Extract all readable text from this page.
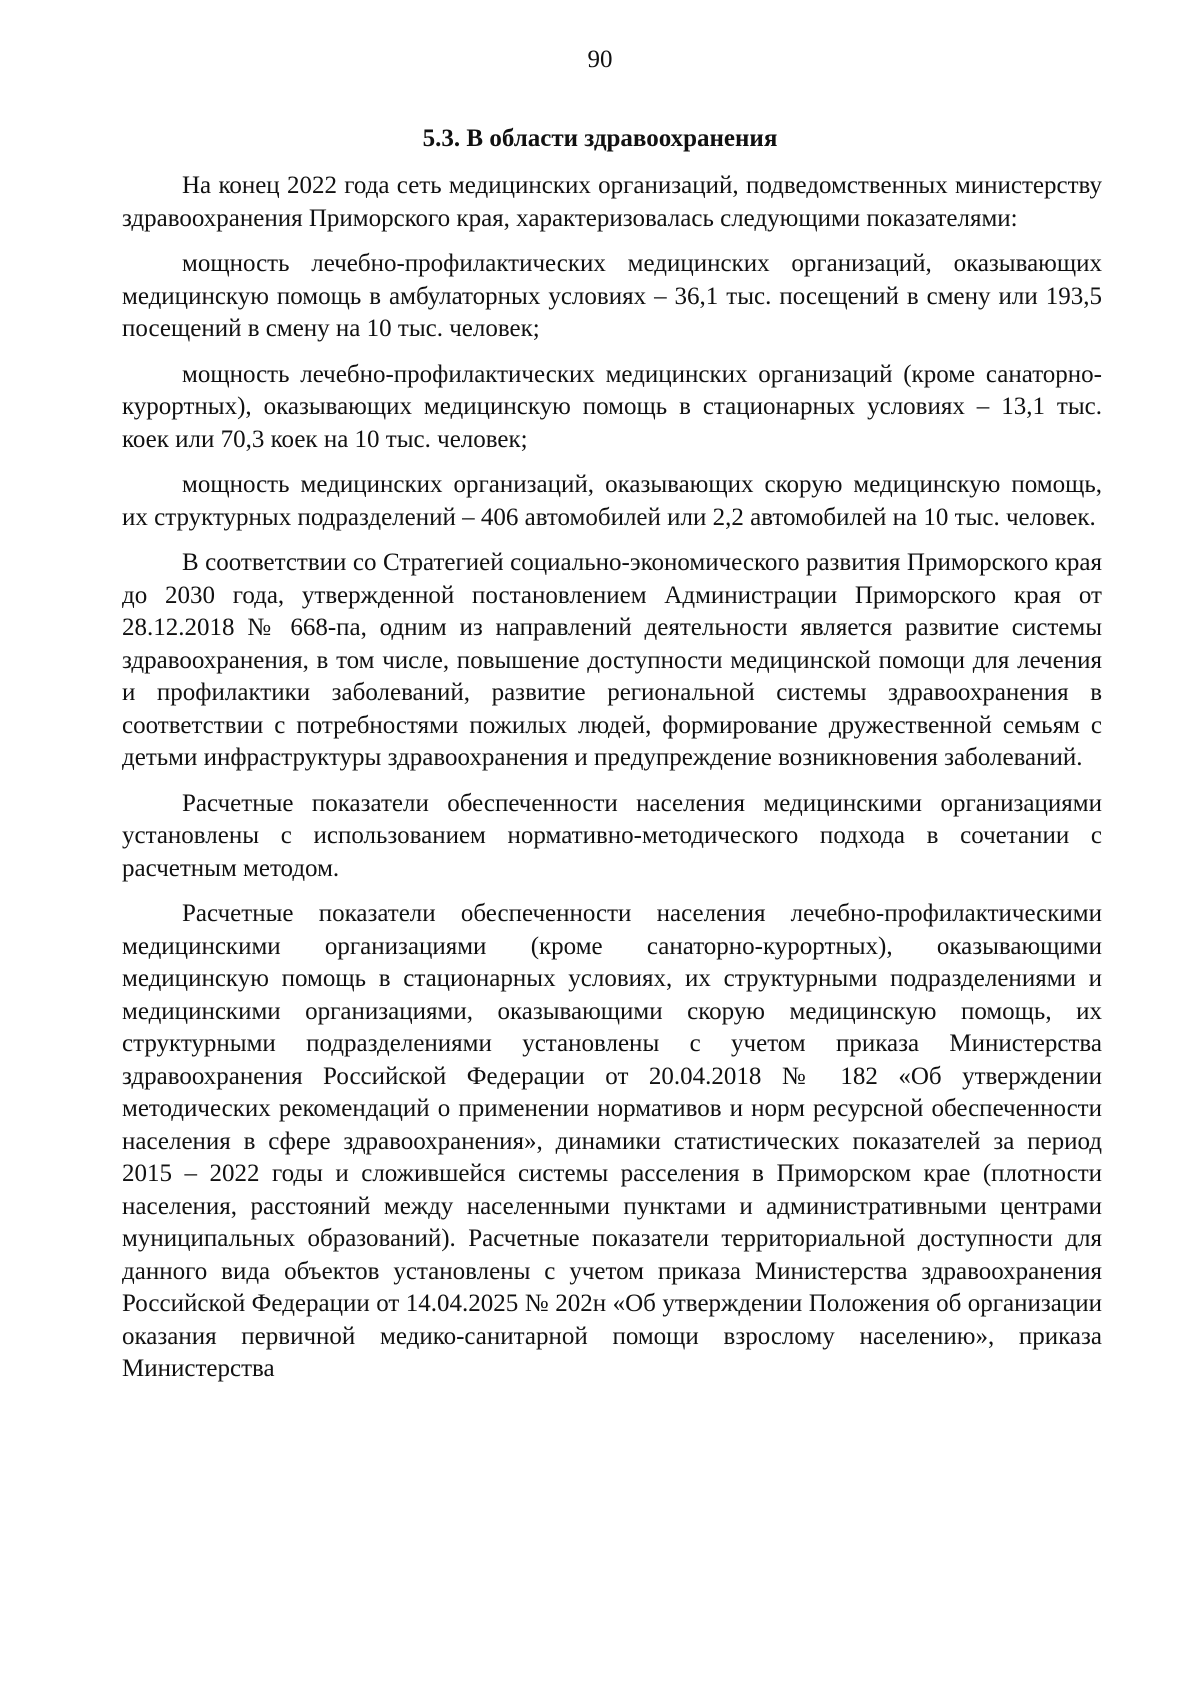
90
5.3. В области здравоохранения

На конец 2022 года сеть медицинских организаций, подведомственных министерству здравоохранения Приморского края, характеризовалась следующими показателями:

мощность лечебно-профилактических медицинских организаций, оказывающих медицинскую помощь в амбулаторных условиях – 36,1 тыс. посещений в смену или 193,5 посещений в смену на 10 тыс. человек;

мощность лечебно-профилактических медицинских организаций (кроме санаторно-курортных), оказывающих медицинскую помощь в стационарных условиях – 13,1 тыс. коек или 70,3 коек на 10 тыс. человек;

мощность медицинских организаций, оказывающих скорую медицинскую помощь, их структурных подразделений – 406 автомобилей или 2,2 автомобилей на 10 тыс. человек.

В соответствии со Стратегией социально-экономического развития Приморского края до 2030 года, утвержденной постановлением Администрации Приморского края от 28.12.2018 № 668-па, одним из направлений деятельности является развитие системы здравоохранения, в том числе, повышение доступности медицинской помощи для лечения и профилактики заболеваний, развитие региональной системы здравоохранения в соответствии с потребностями пожилых людей, формирование дружественной семьям с детьми инфраструктуры здравоохранения и предупреждение возникновения заболеваний.

Расчетные показатели обеспеченности населения медицинскими организациями установлены с использованием нормативно-методического подхода в сочетании с расчетным методом.

Расчетные показатели обеспеченности населения лечебно-профилактическими медицинскими организациями (кроме санаторно-курортных), оказывающими медицинскую помощь в стационарных условиях, их структурными подразделениями и медицинскими организациями, оказывающими скорую медицинскую помощь, их структурными подразделениями установлены с учетом приказа Министерства здравоохранения Российской Федерации от 20.04.2018 № 182 «Об утверждении методических рекомендаций о применении нормативов и норм ресурсной обеспеченности населения в сфере здравоохранения», динамики статистических показателей за период 2015 – 2022 годы и сложившейся системы расселения в Приморском крае (плотности населения, расстояний между населенными пунктами и административными центрами муниципальных образований). Расчетные показатели территориальной доступности для данного вида объектов установлены с учетом приказа Министерства здравоохранения Российской Федерации от 14.04.2025 № 202н «Об утверждении Положения об организации оказания первичной медико-санитарной помощи взрослому населению», приказа Министерства
